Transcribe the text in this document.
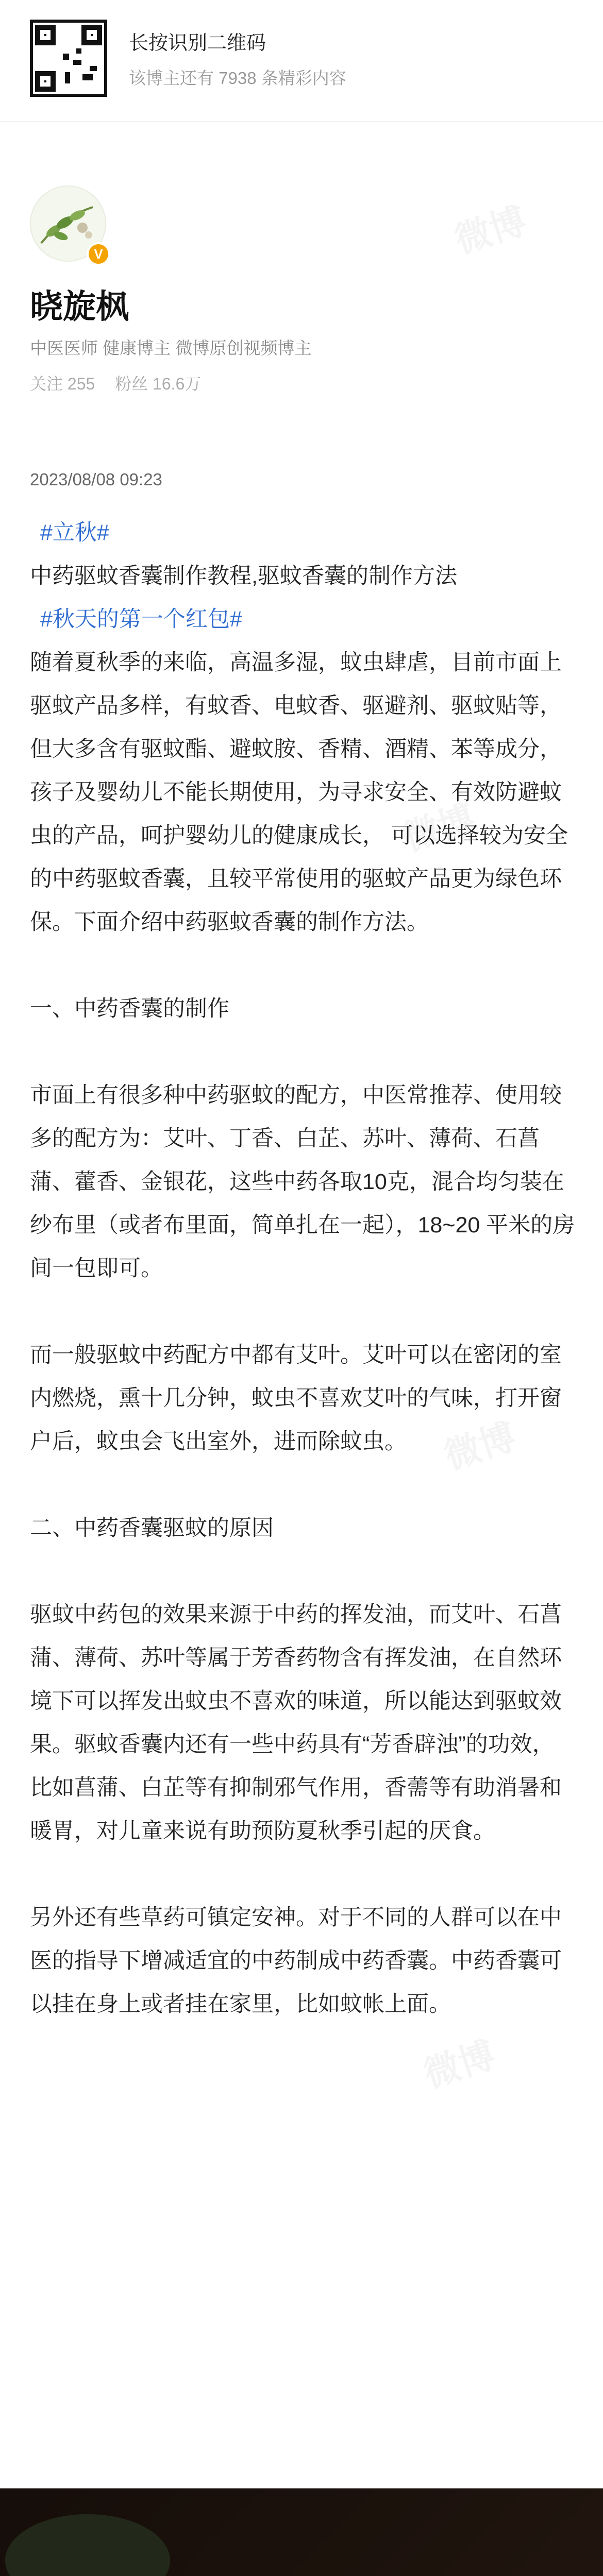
长按识别二维码
该博主还有 7938 条精彩内容
V
晓旋枫
中医医师 健康博主 微博原创视频博主
关注 255 粉丝 16.6万
2023/08/08 09:23

#立秋#

中药驱蚊香囊制作教程,驱蚊香囊的制作方法

#秋天的第一个红包#

随着夏秋季的来临，高温多湿，蚊虫肆虐，目前市面上驱蚊产品多样，有蚊香、电蚊香、驱避剂、驱蚊贴等，但大多含有驱蚊酯、避蚊胺、香精、酒精、苯等成分，孩子及婴幼儿不能长期使用，为寻求安全、有效防避蚊虫的产品，呵护婴幼儿的健康成长， 可以选择较为安全的中药驱蚊香囊，且较平常使用的驱蚊产品更为绿色环保。下面介绍中药驱蚊香囊的制作方法。

一、中药香囊的制作

市面上有很多种中药驱蚊的配方，中医常推荐、使用较多的配方为：艾叶、丁香、白芷、苏叶、薄荷、石菖蒲、藿香、金银花，这些中药各取10克，混合均匀装在纱布里（或者布里面，简单扎在一起），18~20 平米的房间一包即可。

而一般驱蚊中药配方中都有艾叶。艾叶可以在密闭的室内燃烧，熏十几分钟，蚊虫不喜欢艾叶的气味，打开窗户后，蚊虫会飞出室外，进而除蚊虫。

二、中药香囊驱蚊的原因

驱蚊中药包的效果来源于中药的挥发油，而艾叶、石菖蒲、薄荷、苏叶等属于芳香药物含有挥发油，在自然环境下可以挥发出蚊虫不喜欢的味道，所以能达到驱蚊效果。驱蚊香囊内还有一些中药具有“芳香辟浊”的功效，比如菖蒲、白芷等有抑制邪气作用，香薷等有助消暑和暖胃，对儿童来说有助预防夏秋季引起的厌食。

另外还有些草药可镇定安神。对于不同的人群可以在中医的指导下增减适宜的中药制成中药香囊。中药香囊可以挂在身上或者挂在家里，比如蚊帐上面。
